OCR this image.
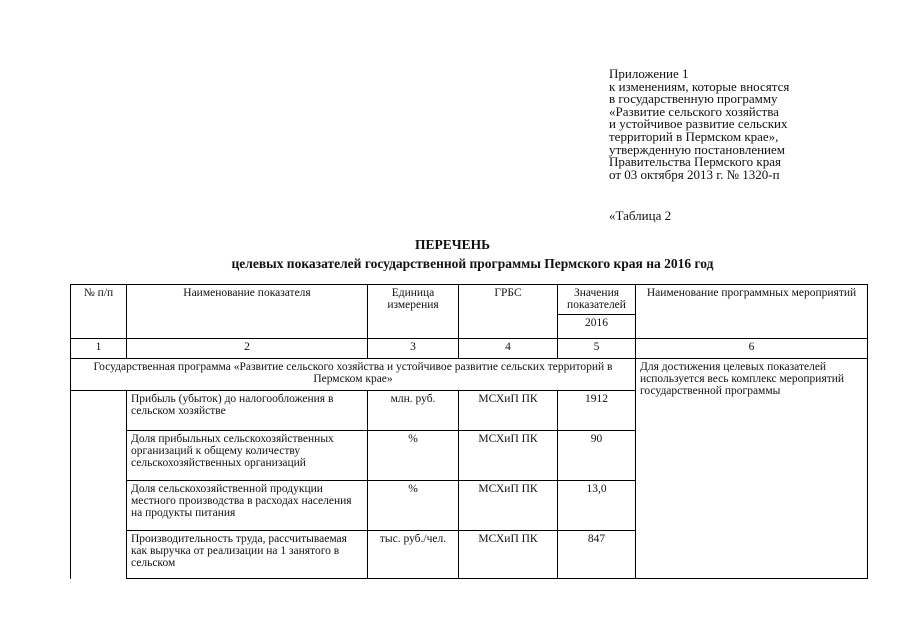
Приложение 1
к изменениям, которые вносятся
в государственную программу
«Развитие сельского хозяйства
и устойчивое развитие сельских
территорий в Пермском крае»,
утвержденную постановлением
Правительства Пермского края
от 03 октября 2013 г. № 1320-п
«Таблица 2
ПЕРЕЧЕНЬ
целевых показателей государственной программы Пермского края на 2016 год
№ п/п	Наименование показателя	Единица измерения	ГРБС	Значения показателей	Наименование программных мероприятий
				2016	
1	2	3	4	5	6
Государственная программа «Развитие сельского хозяйства и устойчивое развитие сельских территорий в Пермском крае»					Для достижения целевых показателей используется весь комплекс мероприятий государственной программы
	Прибыль (убыток) до налогообложения в сельском хозяйстве	млн. руб.	МСХиП ПК	1912	
	Доля прибыльных сельскохозяйственных организаций к общему количеству сельскохозяйственных организаций	%	МСХиП ПК	90	
	Доля сельскохозяйственной продукции местного производства в расходах населения на продукты питания	%	МСХиП ПК	13,0	

	Производительность труда, рассчитываемая как выручка от реализации на 1 занятого в сельском	тыс. руб./чел.	МСХиП ПК	847	
